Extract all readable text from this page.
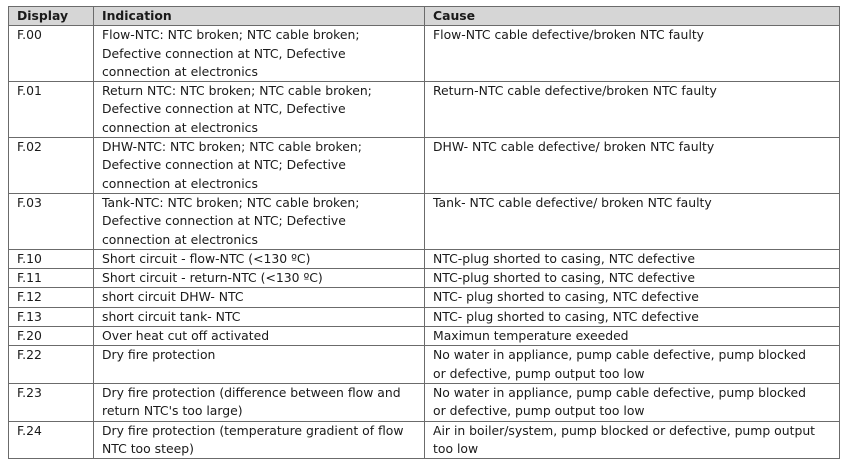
Display	Indication	Cause
F.00	Flow-NTC: NTC broken; NTC cable broken; Defective connection at NTC, Defective connection at electronics	Flow-NTC cable defective/broken NTC faulty
F.01	Return NTC: NTC broken; NTC cable broken; Defective connection at NTC, Defective connection at electronics	Return-NTC cable defective/broken NTC faulty
F.02	DHW-NTC: NTC broken; NTC cable broken; Defective connection at NTC; Defective connection at electronics	DHW- NTC cable defective/ broken NTC faulty
F.03	Tank-NTC: NTC broken; NTC cable broken; Defective connection at NTC; Defective connection at electronics	Tank- NTC cable defective/ broken NTC faulty
F.10	Short circuit - flow-NTC (<130 ºC)	NTC-plug shorted to casing, NTC defective
F.11	Short circuit - return-NTC (<130 ºC)	NTC-plug shorted to casing, NTC defective
F.12	short circuit DHW- NTC	NTC- plug shorted to casing, NTC defective
F.13	short circuit tank- NTC	NTC- plug shorted to casing, NTC defective
F.20	Over heat cut off activated	Maximun temperature exeeded
F.22	Dry fire protection	No water in appliance, pump cable defective, pump blocked or defective, pump output too low
F.23	Dry fire protection (difference between flow and return NTC's too large)	No water in appliance, pump cable defective, pump blocked or defective, pump output too low
F.24	Dry fire protection (temperature gradient of flow NTC too steep)	Air in boiler/system, pump blocked or defective, pump output too low
